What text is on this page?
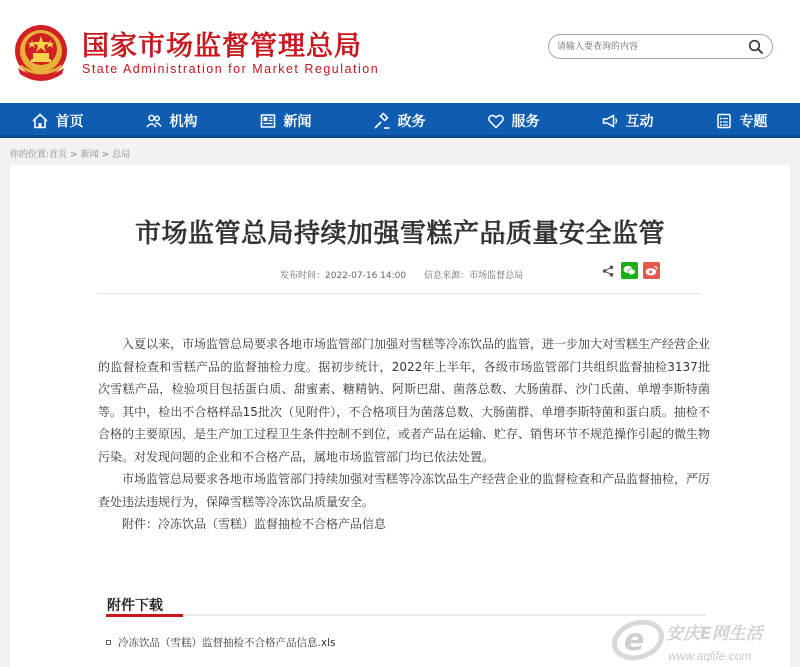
国家市场监督管理总局
State Administration for Market Regulation
请输入要查询的内容
首页	机构	新闻	政务	服务	互动	专题
你的位置:首页 > 新闻 > 总局
市场监管总局持续加强雪糕产品质量安全监管
发布时间：2022-07-16 14:00 信息来源：市场监督总局

入夏以来，市场监管总局要求各地市场监管部门加强对雪糕等冷冻饮品的监管，进一步加大对雪糕生产经营企业的监督检查和雪糕产品的监督抽检力度。据初步统计，2022年上半年，各级市场监管部门共组织监督抽检3137批次雪糕产品，检验项目包括蛋白质、甜蜜素、糖精钠、阿斯巴甜、菌落总数、大肠菌群、沙门氏菌、单增李斯特菌等。其中，检出不合格样品15批次（见附件），不合格项目为菌落总数、大肠菌群、单增李斯特菌和蛋白质。抽检不合格的主要原因，是生产加工过程卫生条件控制不到位，或者产品在运输、贮存、销售环节不规范操作引起的微生物污染。对发现问题的企业和不合格产品，属地市场监管部门均已依法处置。

市场监管总局要求各地市场监管部门持续加强对雪糕等冷冻饮品生产经营企业的监督检查和产品监督抽检，严厉查处违法违规行为，保障雪糕等冷冻饮品质量安全。

附件：冷冻饮品（雪糕）监督抽检不合格产品信息

附件下载
冷冻饮品（雪糕）监督抽检不合格产品信息.xls	e 安庆E网生活
www.aqlife.com
